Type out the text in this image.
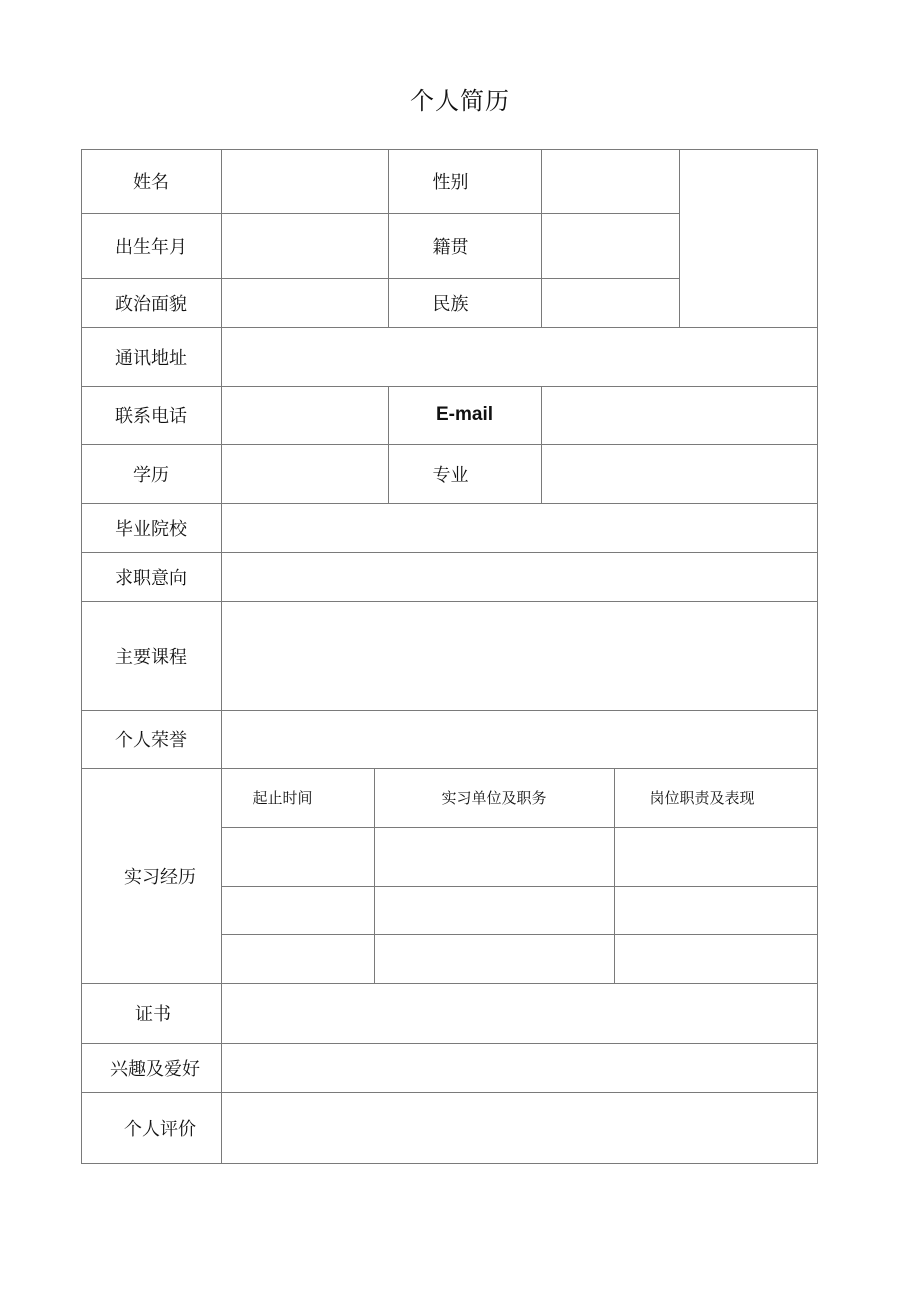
个人简历
姓名	性别
出生年月	籍贯
政治面貌	民族
通讯地址
联系电话	E-mail
学历	专业
毕业院校
求职意向
主要课程
个人荣誉
实习经历
起止时间	实习单位及职务	岗位职责及表现
证书
兴趣及爱好
个人评价
